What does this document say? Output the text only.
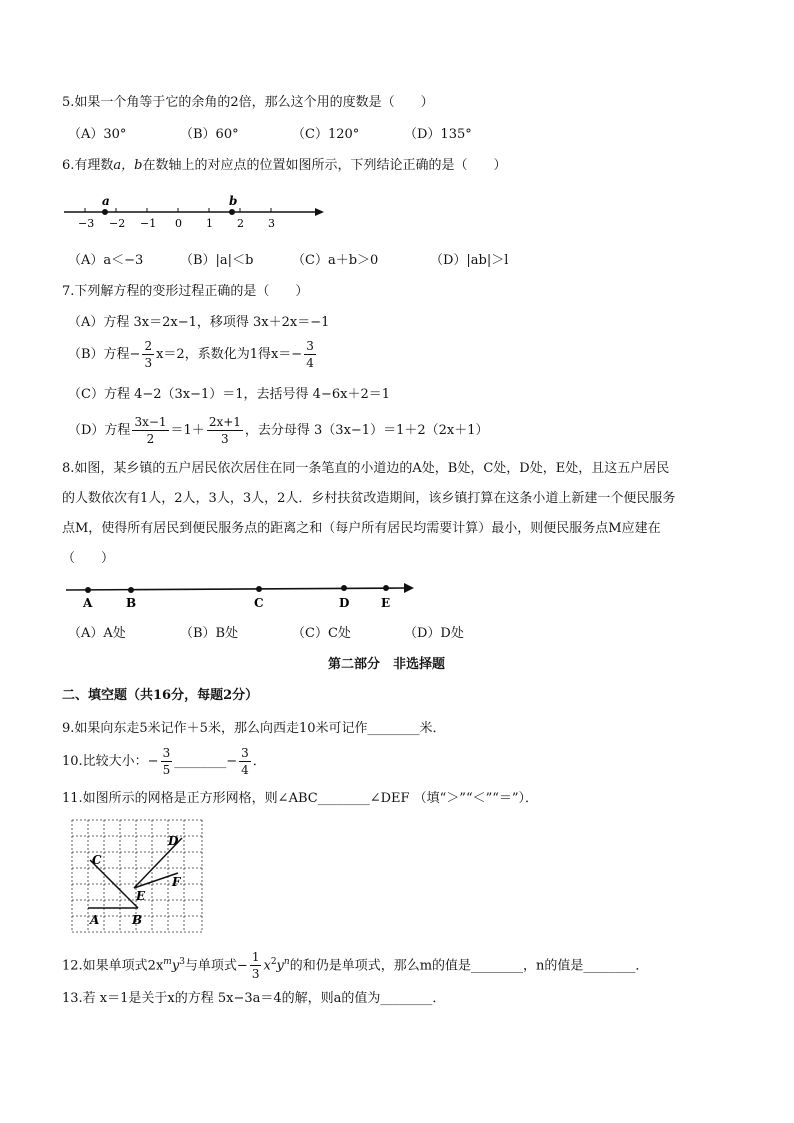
5.如果一个角等于它的余角的2倍，那么这个用的度数是（　　）
（A）30°	（B）60°	（C）120°	（D）135°
6.有理数a，b在数轴上的对应点的位置如图所示，下列结论正确的是（　　）
a	b
−3 −2 −1 0 1 2 3
（A）a＜−3	（B）|a|＜b	（C）a＋b＞0	（D）|ab|＞l
7.下列解方程的变形过程正确的是（　　）
（A）方程 3x＝2x−1，移项得 3x＋2x＝−1
（B）方程− $\frac{2}{3} x=2$，系数化为1得$x=- \frac{3}{4}$
（C）方程 4−2（3x−1）＝1，去括号得 4−6x＋2＝1
（D）方程 $\frac{3x-1}{2} =1+ \frac{2x+1}{3}$ ，去分母得 3（3x−1）＝1＋2（2x＋1）
8.如图，某乡镇的五户居民依次居住在同一条笔直的小道边的A处，B处，C处，D处，E处，且这五户居民
的人数依次有1人，2人，3人，3人，2人．乡村扶贫改造期间，该乡镇打算在这条小道上新建一个便民服务
点M，使得所有居民到便民服务点的距离之和（每户所有居民均需要计算）最小，则便民服务点M应建在
（　　）
A	B	C	D	E
（A）A处	（B）B处	（C）C处	（D）D处
第二部分　非选择题
二、填空题（共16分，每题2分）
9.如果向东走5米记作＋5米，那么向西走10米可记作________米．
10.比较大小：− $\frac{3}{5}$ ________− $\frac{3}{4}$ ．
11.如图所示的网格是正方形网格，则∠ABC________∠DEF （填“＞”“＜”“＝”）．
C
D
E
F
A	B
12.如果单项式$2x^my^3$与单项式− $\frac{1}{3} x^2y^n$的和仍是单项式，那么m的值是________，n的值是________．
13.若 x＝1是关于x的方程 5x−3a＝4的解，则a的值为________．
